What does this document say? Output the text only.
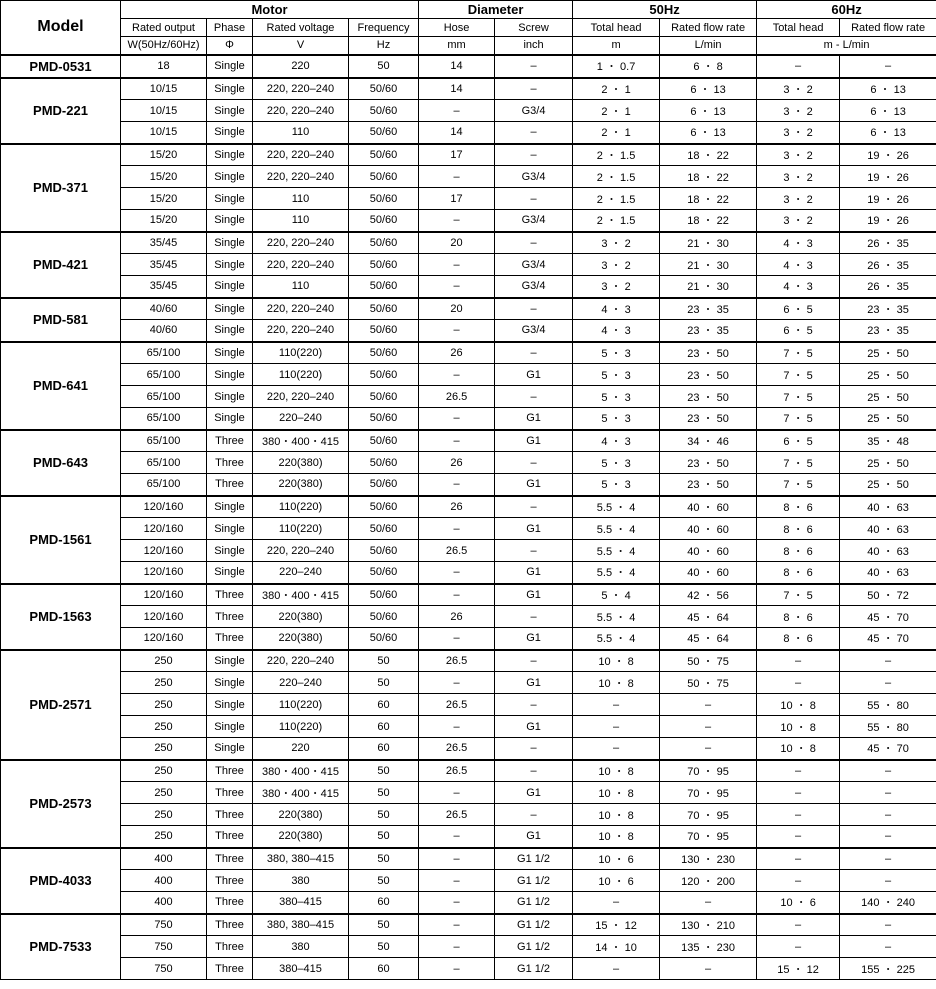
Model	Motor				Diameter		50Hz		60Hz	
	Rated output	Phase	Rated voltage	Frequency	Hose	Screw	Total head	Rated flow rate	Total head	Rated flow rate
	W(50Hz/60Hz)	Φ	V	Hz	mm	inch	m	L/min	m - L/min	
PMD-0531	18	Single	220	50	14	–	1 ・ 0.7	6 ・ 8	–	–
PMD-221	10/15	Single	220, 220–240	50/60	14	–	2 ・ 1	6 ・ 13	3 ・ 2	6 ・ 13
	10/15	Single	220, 220–240	50/60	–	G3/4	2 ・ 1	6 ・ 13	3 ・ 2	6 ・ 13
	10/15	Single	110	50/60	14	–	2 ・ 1	6 ・ 13	3 ・ 2	6 ・ 13
PMD-371	15/20	Single	220, 220–240	50/60	17	–	2 ・ 1.5	18 ・ 22	3 ・ 2	19 ・ 26
	15/20	Single	220, 220–240	50/60	–	G3/4	2 ・ 1.5	18 ・ 22	3 ・ 2	19 ・ 26
	15/20	Single	110	50/60	17	–	2 ・ 1.5	18 ・ 22	3 ・ 2	19 ・ 26
	15/20	Single	110	50/60	–	G3/4	2 ・ 1.5	18 ・ 22	3 ・ 2	19 ・ 26
PMD-421	35/45	Single	220, 220–240	50/60	20	–	3 ・ 2	21 ・ 30	4 ・ 3	26 ・ 35
	35/45	Single	220, 220–240	50/60	–	G3/4	3 ・ 2	21 ・ 30	4 ・ 3	26 ・ 35
	35/45	Single	110	50/60	–	G3/4	3 ・ 2	21 ・ 30	4 ・ 3	26 ・ 35
PMD-581	40/60	Single	220, 220–240	50/60	20	–	4 ・ 3	23 ・ 35	6 ・ 5	23 ・ 35
	40/60	Single	220, 220–240	50/60	–	G3/4	4 ・ 3	23 ・ 35	6 ・ 5	23 ・ 35
PMD-641	65/100	Single	110(220)	50/60	26	–	5 ・ 3	23 ・ 50	7 ・ 5	25 ・ 50
	65/100	Single	110(220)	50/60	–	G1	5 ・ 3	23 ・ 50	7 ・ 5	25 ・ 50
	65/100	Single	220, 220–240	50/60	26.5	–	5 ・ 3	23 ・ 50	7 ・ 5	25 ・ 50
	65/100	Single	220–240	50/60	–	G1	5 ・ 3	23 ・ 50	7 ・ 5	25 ・ 50
PMD-643	65/100	Three	380・400・415	50/60	–	G1	4 ・ 3	34 ・ 46	6 ・ 5	35 ・ 48
	65/100	Three	220(380)	50/60	26	–	5 ・ 3	23 ・ 50	7 ・ 5	25 ・ 50
	65/100	Three	220(380)	50/60	–	G1	5 ・ 3	23 ・ 50	7 ・ 5	25 ・ 50
PMD-1561	120/160	Single	110(220)	50/60	26	–	5.5 ・ 4	40 ・ 60	8 ・ 6	40 ・ 63
	120/160	Single	110(220)	50/60	–	G1	5.5 ・ 4	40 ・ 60	8 ・ 6	40 ・ 63
	120/160	Single	220, 220–240	50/60	26.5	–	5.5 ・ 4	40 ・ 60	8 ・ 6	40 ・ 63
	120/160	Single	220–240	50/60	–	G1	5.5 ・ 4	40 ・ 60	8 ・ 6	40 ・ 63
PMD-1563	120/160	Three	380・400・415	50/60	–	G1	5 ・ 4	42 ・ 56	7 ・ 5	50 ・ 72
	120/160	Three	220(380)	50/60	26	–	5.5 ・ 4	45 ・ 64	8 ・ 6	45 ・ 70
	120/160	Three	220(380)	50/60	–	G1	5.5 ・ 4	45 ・ 64	8 ・ 6	45 ・ 70
PMD-2571	250	Single	220, 220–240	50	26.5	–	10 ・ 8	50 ・ 75	–	–
	250	Single	220–240	50	–	G1	10 ・ 8	50 ・ 75	–	–
	250	Single	110(220)	60	26.5	–	–	–	10 ・ 8	55 ・ 80
	250	Single	110(220)	60	–	G1	–	–	10 ・ 8	55 ・ 80
	250	Single	220	60	26.5	–	–	–	10 ・ 8	45 ・ 70
PMD-2573	250	Three	380・400・415	50	26.5	–	10 ・ 8	70 ・ 95	–	–
	250	Three	380・400・415	50	–	G1	10 ・ 8	70 ・ 95	–	–
	250	Three	220(380)	50	26.5	–	10 ・ 8	70 ・ 95	–	–
	250	Three	220(380)	50	–	G1	10 ・ 8	70 ・ 95	–	–
PMD-4033	400	Three	380, 380–415	50	–	G1 1/2	10 ・ 6	130 ・ 230	–	–
	400	Three	380	50	–	G1 1/2	10 ・ 6	120 ・ 200	–	–
	400	Three	380–415	60	–	G1 1/2	–	–	10 ・ 6	140 ・ 240
PMD-7533	750	Three	380, 380–415	50	–	G1 1/2	15 ・ 12	130 ・ 210	–	–
	750	Three	380	50	–	G1 1/2	14 ・ 10	135 ・ 230	–	–
	750	Three	380–415	60	–	G1 1/2	–	–	15 ・ 12	155 ・ 225
